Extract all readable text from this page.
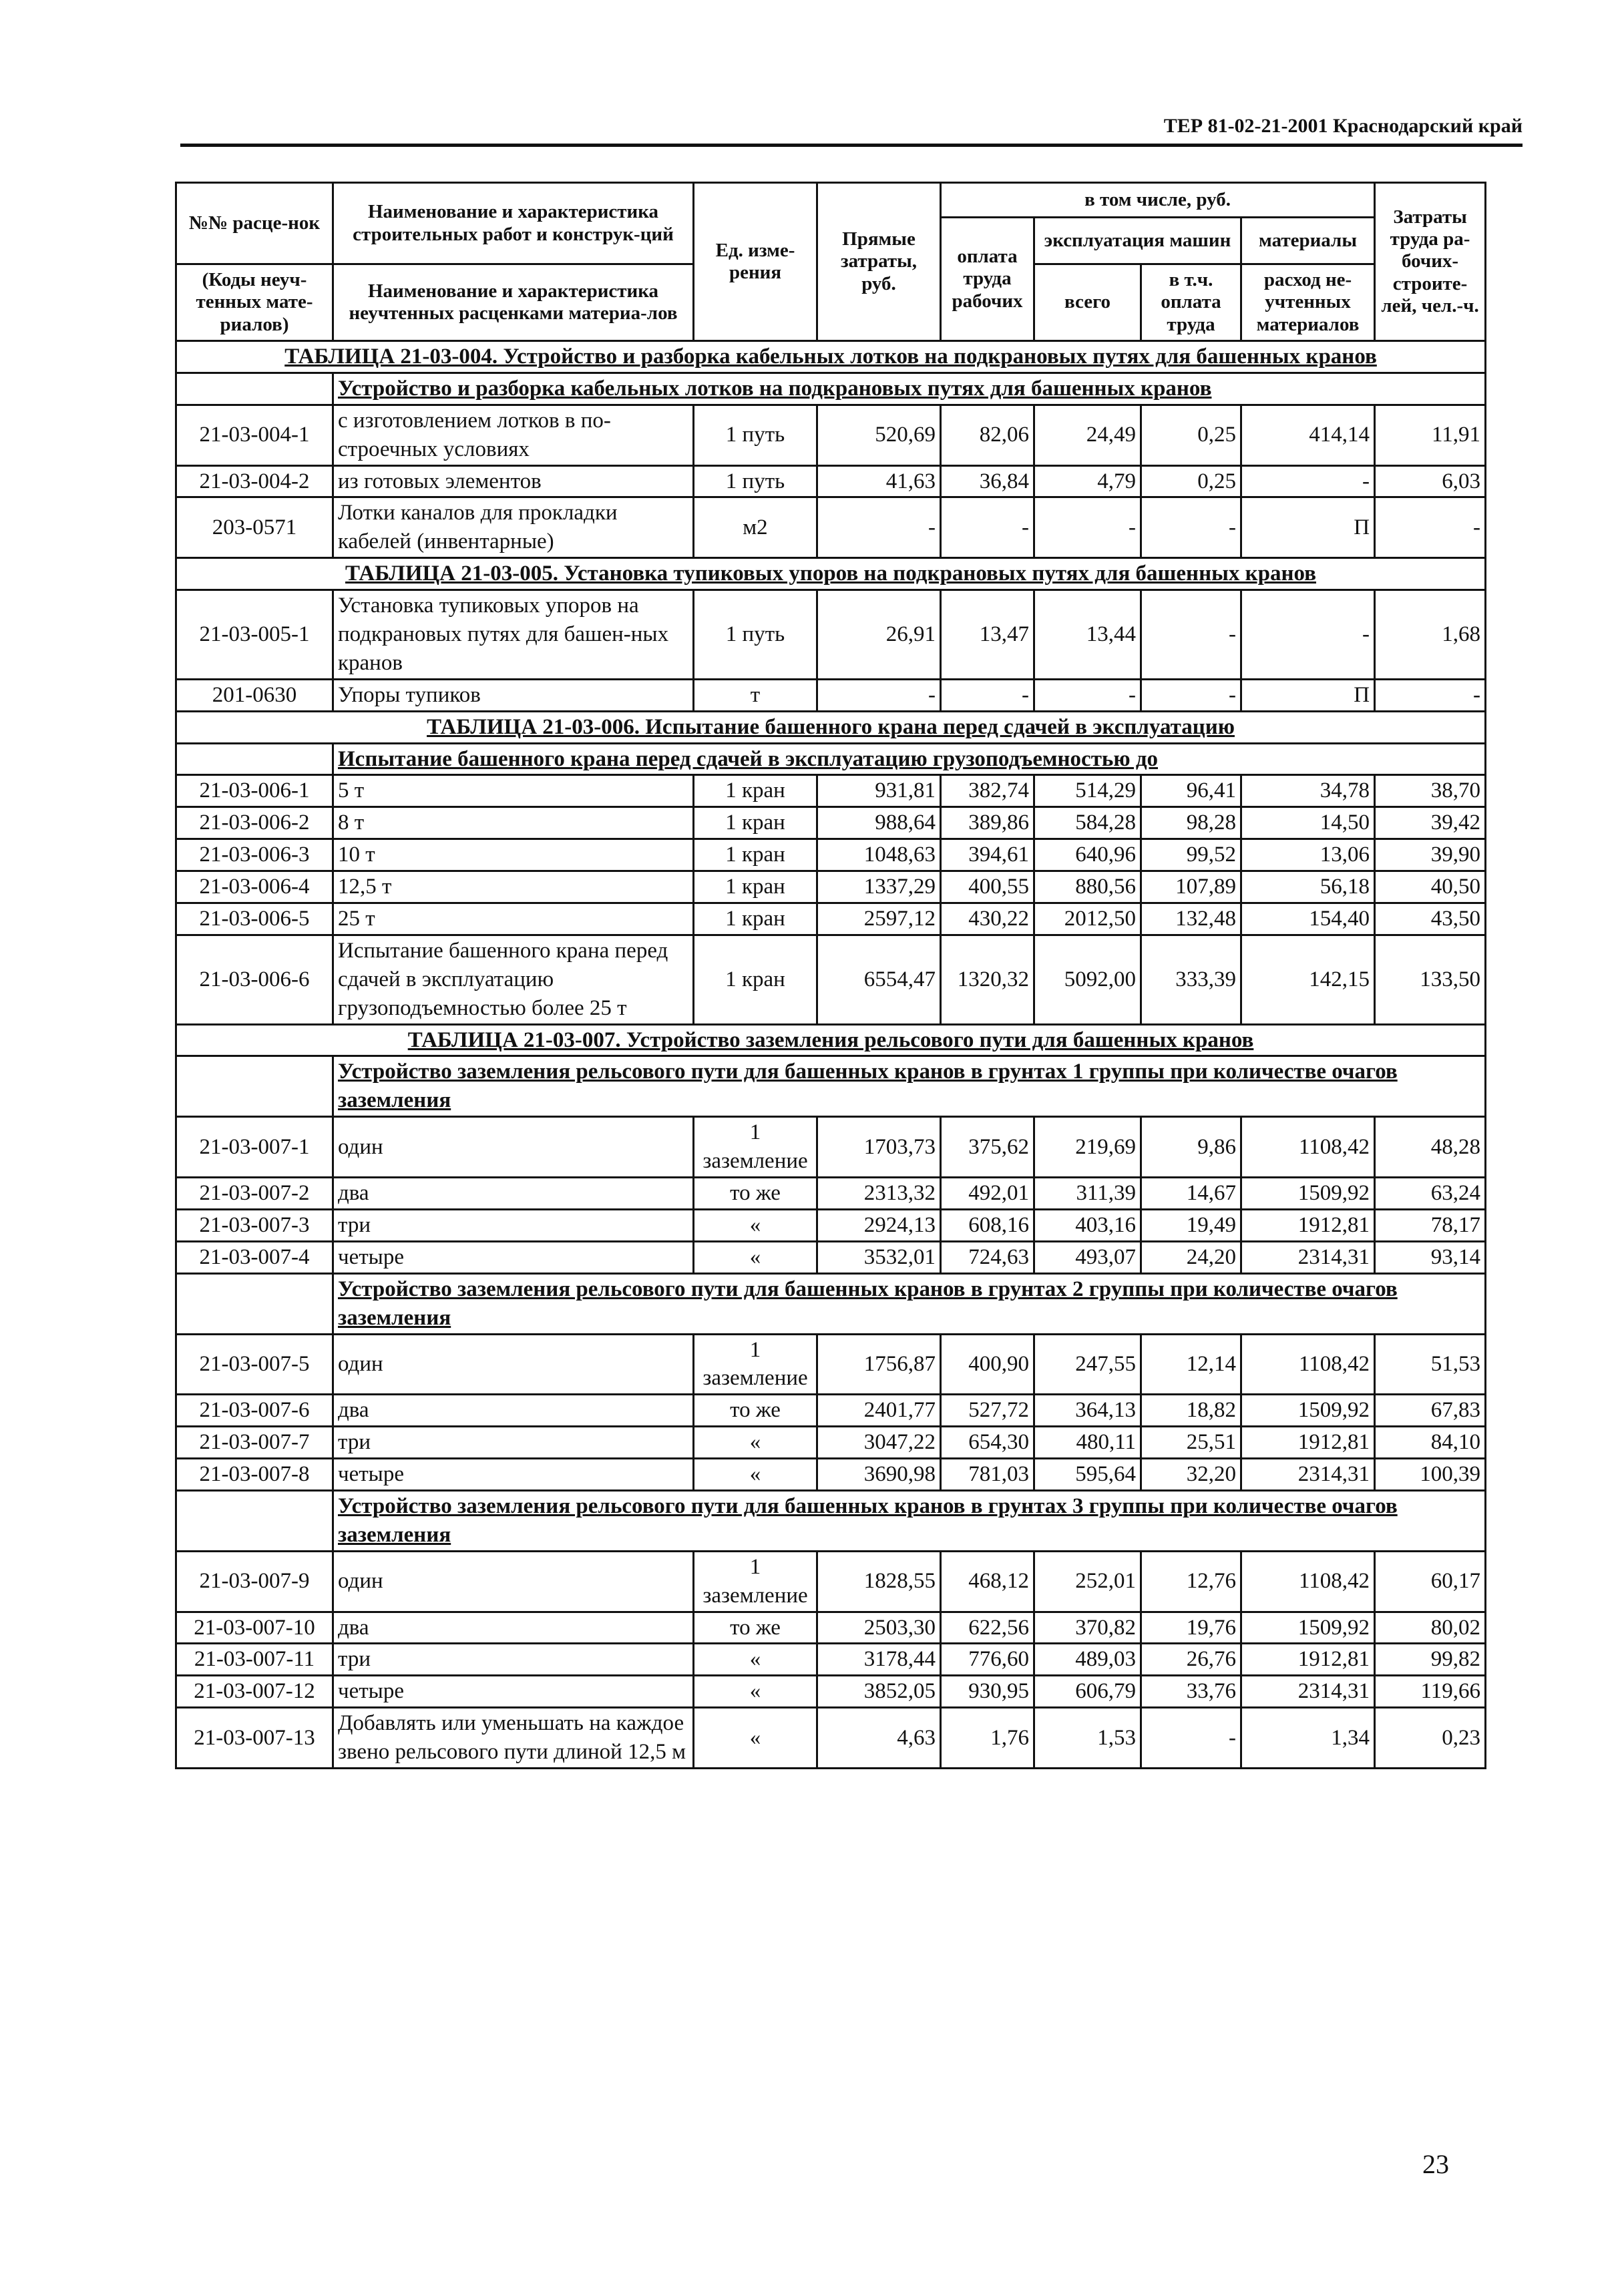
ТЕР 81-02-21-2001 Краснодарский край
№№ расце-нок	Наименование и характеристика строительных работ и конструк-ций	Ед. изме-рения	Прямые затраты, руб.	в том числе, руб.				Затраты труда ра-бочих-строите-лей, чел.-ч.
				оплата труда рабочих	эксплуатация машин		материалы	
(Коды неуч-тенных мате-риалов)	Наименование и характеристика неучтенных расценками материа-лов				всего	в т.ч. оплата труда	расход не-учтенных материалов	

ТАБЛИЦА 21-03-004. Устройство и разборка кабельных лотков на подкрановых путях для башенных кранов								
	Устройство и разборка кабельных лотков на подкрановых путях для башенных кранов							
21-03-004-1	с изготовлением лотков в по-строечных условиях	1 путь	520,69	82,06	24,49	0,25	414,14	11,91
21-03-004-2	из готовых элементов	1 путь	41,63	36,84	4,79	0,25	-	6,03
203-0571	Лотки каналов для прокладки кабелей (инвентарные)	м2	-	-	-	-	П	-
ТАБЛИЦА 21-03-005. Установка тупиковых упоров на подкрановых путях для башенных кранов								
21-03-005-1	Установка тупиковых упоров на подкрановых путях для башен-ных кранов	1 путь	26,91	13,47	13,44	-	-	1,68
201-0630	Упоры тупиков	т	-	-	-	-	П	-
ТАБЛИЦА 21-03-006. Испытание башенного крана перед сдачей в эксплуатацию								
	Испытание башенного крана перед сдачей в эксплуатацию грузоподъемностью до							
21-03-006-1	5 т	1 кран	931,81	382,74	514,29	96,41	34,78	38,70
21-03-006-2	8 т	1 кран	988,64	389,86	584,28	98,28	14,50	39,42
21-03-006-3	10 т	1 кран	1048,63	394,61	640,96	99,52	13,06	39,90
21-03-006-4	12,5 т	1 кран	1337,29	400,55	880,56	107,89	56,18	40,50
21-03-006-5	25 т	1 кран	2597,12	430,22	2012,50	132,48	154,40	43,50
21-03-006-6	Испытание башенного крана перед сдачей в эксплуатацию грузоподъемностью более 25 т	1 кран	6554,47	1320,32	5092,00	333,39	142,15	133,50
ТАБЛИЦА 21-03-007. Устройство заземления рельсового пути для башенных кранов								
	Устройство заземления рельсового пути для башенных кранов в грунтах 1 группы при количестве очагов заземления							
21-03-007-1	один	1 заземление	1703,73	375,62	219,69	9,86	1108,42	48,28
21-03-007-2	два	то же	2313,32	492,01	311,39	14,67	1509,92	63,24
21-03-007-3	три	«	2924,13	608,16	403,16	19,49	1912,81	78,17
21-03-007-4	четыре	«	3532,01	724,63	493,07	24,20	2314,31	93,14
	Устройство заземления рельсового пути для башенных кранов в грунтах 2 группы при количестве очагов заземления							
21-03-007-5	один	1 заземление	1756,87	400,90	247,55	12,14	1108,42	51,53
21-03-007-6	два	то же	2401,77	527,72	364,13	18,82	1509,92	67,83
21-03-007-7	три	«	3047,22	654,30	480,11	25,51	1912,81	84,10
21-03-007-8	четыре	«	3690,98	781,03	595,64	32,20	2314,31	100,39
	Устройство заземления рельсового пути для башенных кранов в грунтах 3 группы при количестве очагов заземления							
21-03-007-9	один	1 заземление	1828,55	468,12	252,01	12,76	1108,42	60,17
21-03-007-10	два	то же	2503,30	622,56	370,82	19,76	1509,92	80,02
21-03-007-11	три	«	3178,44	776,60	489,03	26,76	1912,81	99,82
21-03-007-12	четыре	«	3852,05	930,95	606,79	33,76	2314,31	119,66
21-03-007-13	Добавлять или уменьшать на каждое звено рельсового пути длиной 12,5 м	«	4,63	1,76	1,53	-	1,34	0,23
23
